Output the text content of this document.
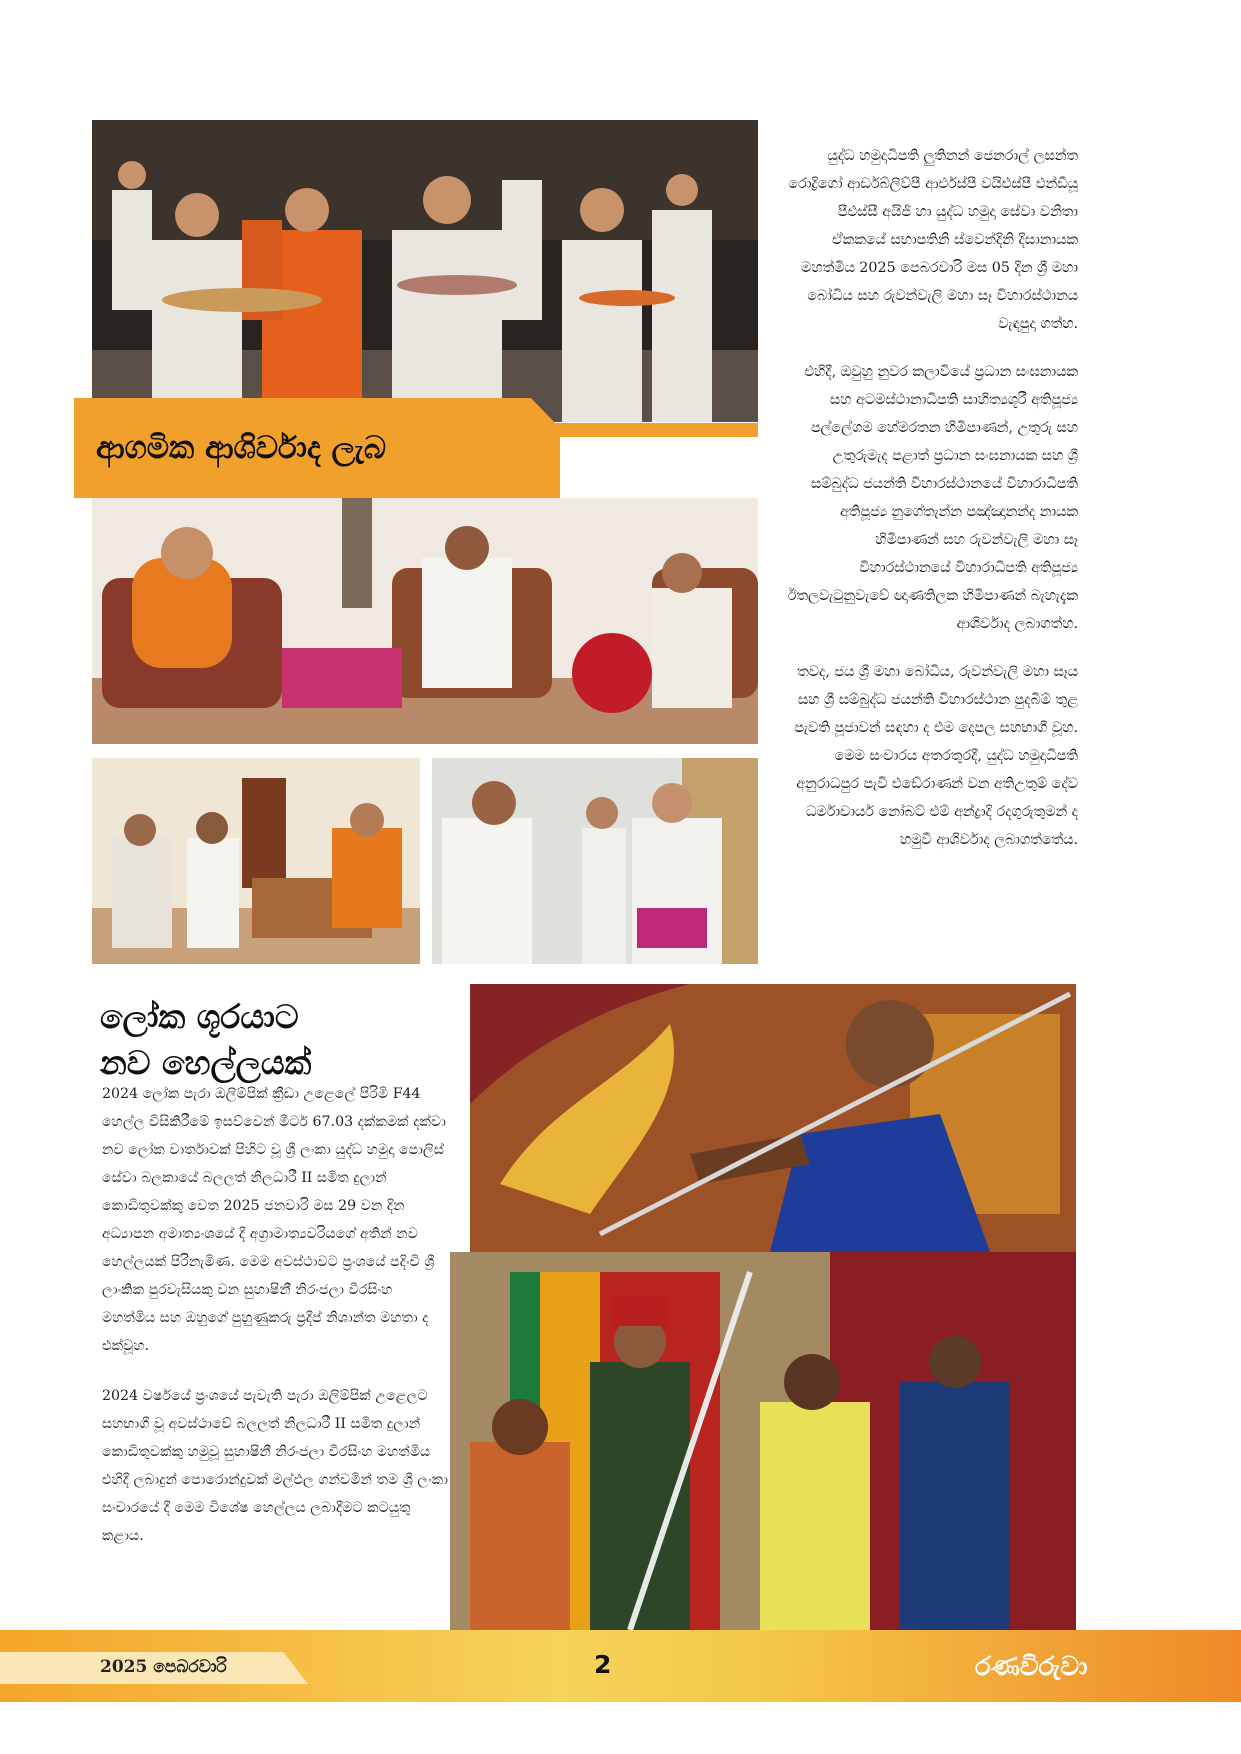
ආගමික ආශිර්වාද ලැබ

යුද්ධ හමුදාධිපති ලුතිනන් ජෙනරාල් ලසන්ත රොද්‍රිගෝ ආර්ඩබ්ලිව්පී ආර්එස්පී වයිඑස්පී එන්ඩීයූ පීඑස්සී අයිජී හා යුද්ධ හමුදා සේවා වනිතා ඒකකයේ සභාපතිනි ස්වෙන්දිනි දිසානායක මහත්මිය 2025 පෙබරවාරි මස 05 දින ශ්‍රී මහා බෝධිය සහ රුවන්වැලි මහා සෑ විහාරස්ථානය වැඳපුදා ගත්හ.

එහිදී, ඔවුහු නුවර කලාවියේ ප්‍රධාන සංඝනායක සහ අටමස්ථානාධිපති සාහිත්‍යශූරී අතිපූජ්‍ය පල්ලේගම හේමරතන හිමිපාණන්, උතුරු සහ උතුරුමැද පළාත් ප්‍රධාන සංඝනායක සහ ශ්‍රී සම්බුද්ධ ජයන්ති විහාරස්ථානයේ විහාරාධිපති අතිපූජ්‍ය නුගේතැන්න පඤ්ඤානන්ද නායක හිමිපාණන් සහ රුවන්වැලි මහා සෑ විහාරස්ථානයේ විහාරාධිපති අතිපූජ්‍ය ඊතලවැටුනුවැවේ ඥාණතිලක හිමිපාණන් බැහැදැක ආශිර්වාද ලබාගත්හ.

තවද, ජය ශ්‍රී මහා බෝධිය, රුවන්වැලි මහා සෑය සහ ශ්‍රී සම්බුද්ධ ජයන්ති විහාරස්ථාන පුදබිම් තුළ පැවති පූජාවන් සඳහා ද එම දෙපල සහභාගී වූහ. මෙම සංචාරය අතරතුරදී, යුද්ධ හමුදාධිපති අනුරාධපුර පැවි එඩේරාණන් වන අතිඋතුම් දේව ධර්මාචාර්ය නෝබට් එම් අන්ද්‍රාදි රදගුරුතුමන් ද හමුවී ආශිර්වාද ලබාගත්තේය.

ලෝක ශූරයාට
නව හෙල්ලයක්

2024 ලෝක පැරා ඔලිම්පික් ක්‍රීඩා උළෙලේ පිරිමි F44 හෙල්ල විසිකිරීමේ ඉසව්වෙන් මීටර් 67.03 දක්කමක් දක්වා නව ලෝක වාර්තාවක් පිහිට වූ ශ්‍රී ලංකා යුද්ධ හමුදා පොලිස් සේවා බලකායේ බලලත් නිලධාරී II සමිත දුලාන් කොඩිතුවක්කු වෙත 2025 ජනවාරි මස 29 වන දින අධ්‍යාපන අමාත්‍යංශයේ දී අග්‍රාමාත්‍යවරියගේ අතින් නව හෙල්ලයක් පිරිනැමිණ. මෙම අවස්ථාවට ප්‍රංශයේ පදිංචි ශ්‍රී ලාංකික පුරවැසියකු වන සුහාෂිනී නිරංජලා වීරසිංහ මහත්මිය සහ ඔහුගේ පුහුණුකරු ප්‍රදීප් නිශාන්ත මහතා ද එක්වූහ.

2024 වර්ෂයේ ප්‍රංශයේ පැවැති පැරා ඔලිම්පික් උළෙලට සහභාගී වූ අවස්ථාවේ බලලත් නිලධාරී II සමිත දුලාන් කොඩිතුවක්කු හමුවූ සුහාෂිනී නිරංජලා වීරසිංහ මහත්මිය එහිදී ලබාදුන් පොරොන්දුවක් මල්ඵල ගන්වමින් තම ශ්‍රී ලංකා සංචාරයේ දී මෙම විශේෂ හෙල්ලය ලබාදීමට කටයුතු කළාය.

2025 පෙබරවාරි	2	රණවිරුවා
